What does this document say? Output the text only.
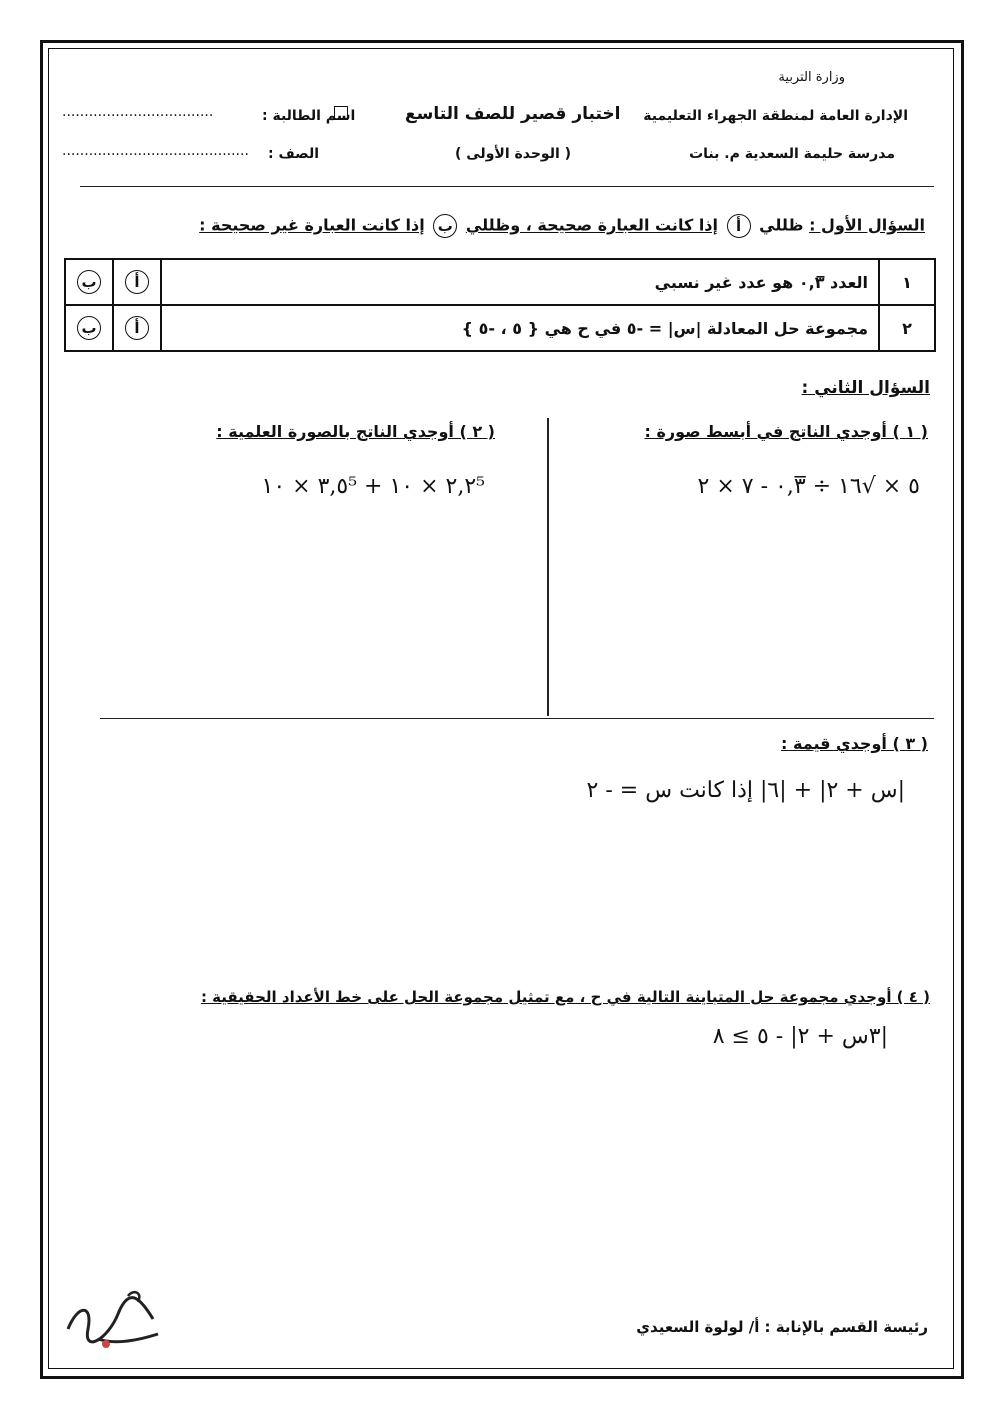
وزارة التربية
الإدارة العامة لمنطقة الجهراء التعليمية
مدرسة حليمة السعدية م. بنات
اختبار قصير للصف التاسع
( الوحدة الأولى )
اسم الطالبة :
..................................
الصف :
..........................................
السؤال الأول : ظللي أ إذا كانت العبارة صحيحة ، وظللي ب إذا كانت العبارة غير صحيحة :
١	العدد ٠,٣̅ هو عدد غير نسبي	أ	ب
٢	مجموعة حل المعادلة |س| = -٥ في ح هي { ٥ ، -٥ }	أ	ب
السؤال الثاني :
( ١ ) أوجدي الناتج في أبسط صورة :
٥ × √١٦ ÷ ٠,٣̅ - ٧ × ٢
( ٢ ) أوجدي الناتج بالصورة العلمية :
٣,٥ × ١٠⁵ + ٢,٢ × ١٠⁵
( ٣ ) أوجدي قيمة :
|س + ٢| + |٦| إذا كانت س = - ٢
( ٤ ) أوجدي مجموعة حل المتباينة التالية في ح ، مع تمثيل مجموعة الحل على خط الأعداد الحقيقية :
|٣س + ٢| - ٥ ≥ ٨
رئيسة القسم بالإنابة : أ/ لولوة السعيدي
